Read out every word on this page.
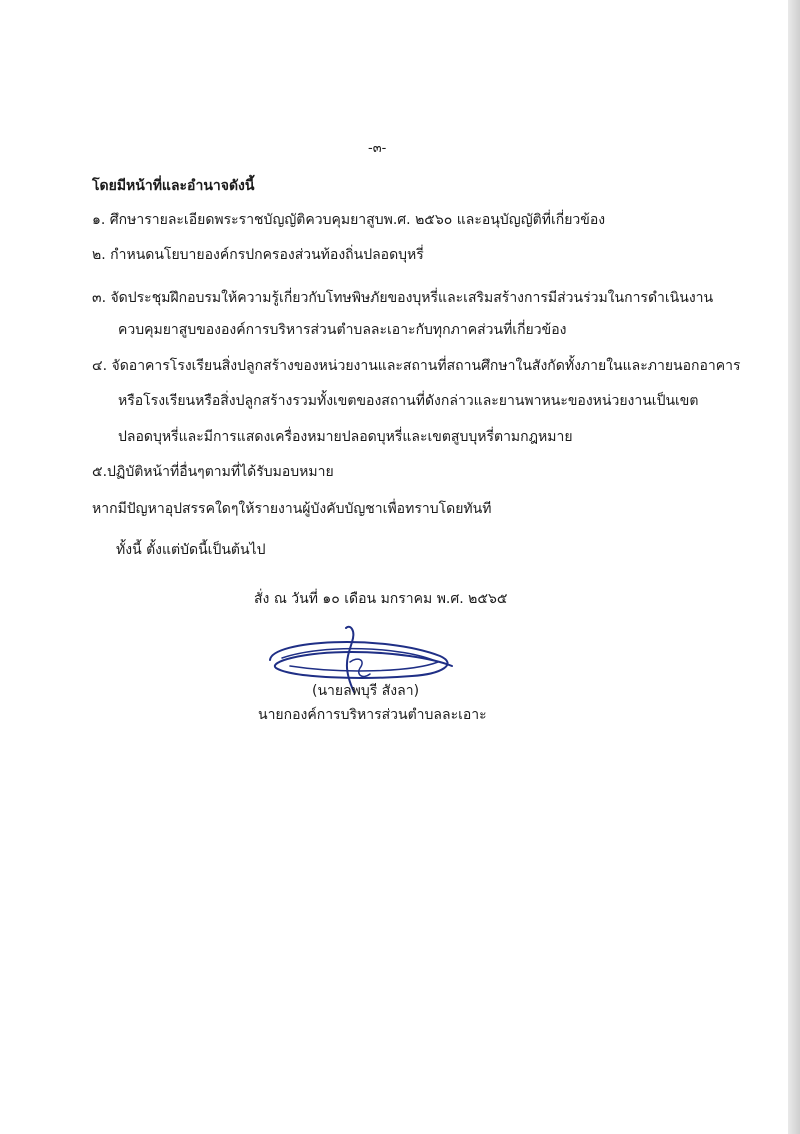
-๓-
โดยมีหน้าที่และอำนาจดังนี้
๑. ศึกษารายละเอียดพระราชบัญญัติควบคุมยาสูบพ.ศ. ๒๕๖๐ และอนุบัญญัติที่เกี่ยวข้อง
๒. กำหนดนโยบายองค์กรปกครองส่วนท้องถิ่นปลอดบุหรี่
๓. จัดประชุมฝึกอบรมให้ความรู้เกี่ยวกับโทษพิษภัยของบุหรี่และเสริมสร้างการมีส่วนร่วมในการดำเนินงาน
ควบคุมยาสูบขององค์การบริหารส่วนตำบลละเอาะกับทุกภาคส่วนที่เกี่ยวข้อง
๔. จัดอาคารโรงเรียนสิ่งปลูกสร้างของหน่วยงานและสถานที่สถานศึกษาในสังกัดทั้งภายในและภายนอกอาคาร
หรือโรงเรียนหรือสิ่งปลูกสร้างรวมทั้งเขตของสถานที่ดังกล่าวและยานพาหนะของหน่วยงานเป็นเขต
ปลอดบุหรี่และมีการแสดงเครื่องหมายปลอดบุหรี่และเขตสูบบุหรี่ตามกฎหมาย
๕.ปฏิบัติหน้าที่อื่นๆตามที่ได้รับมอบหมาย
หากมีปัญหาอุปสรรคใดๆให้รายงานผู้บังคับบัญชาเพื่อทราบโดยทันที
ทั้งนี้ ตั้งแต่บัดนี้เป็นต้นไป
สั่ง ณ วันที่ ๑๐ เดือน มกราคม พ.ศ. ๒๕๖๕
(นายลพบุรี สังลา)
นายกองค์การบริหารส่วนตำบลละเอาะ
